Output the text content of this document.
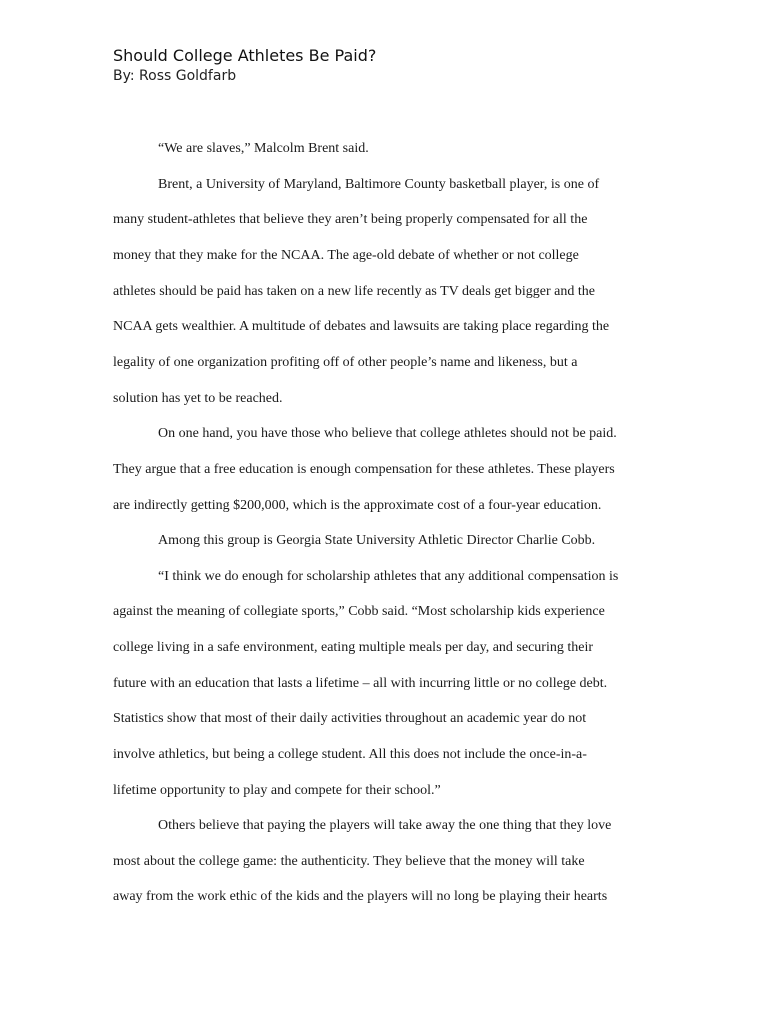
Should College Athletes Be Paid?

By: Ross Goldfarb

“We are slaves,” Malcolm Brent said.

Brent, a University of Maryland, Baltimore County basketball player, is one of

many student-athletes that believe they aren’t being properly compensated for all the

money that they make for the NCAA. The age-old debate of whether or not college

athletes should be paid has taken on a new life recently as TV deals get bigger and the

NCAA gets wealthier. A multitude of debates and lawsuits are taking place regarding the

legality of one organization profiting off of other people’s name and likeness, but a

solution has yet to be reached.

On one hand, you have those who believe that college athletes should not be paid.

They argue that a free education is enough compensation for these athletes. These players

are indirectly getting $200,000, which is the approximate cost of a four-year education.

Among this group is Georgia State University Athletic Director Charlie Cobb.

“I think we do enough for scholarship athletes that any additional compensation is

against the meaning of collegiate sports,” Cobb said. “Most scholarship kids experience

college living in a safe environment, eating multiple meals per day, and securing their

future with an education that lasts a lifetime – all with incurring little or no college debt.

Statistics show that most of their daily activities throughout an academic year do not

involve athletics, but being a college student. All this does not include the once-in-a-

lifetime opportunity to play and compete for their school.”

Others believe that paying the players will take away the one thing that they love

most about the college game: the authenticity. They believe that the money will take

away from the work ethic of the kids and the players will no long be playing their hearts
